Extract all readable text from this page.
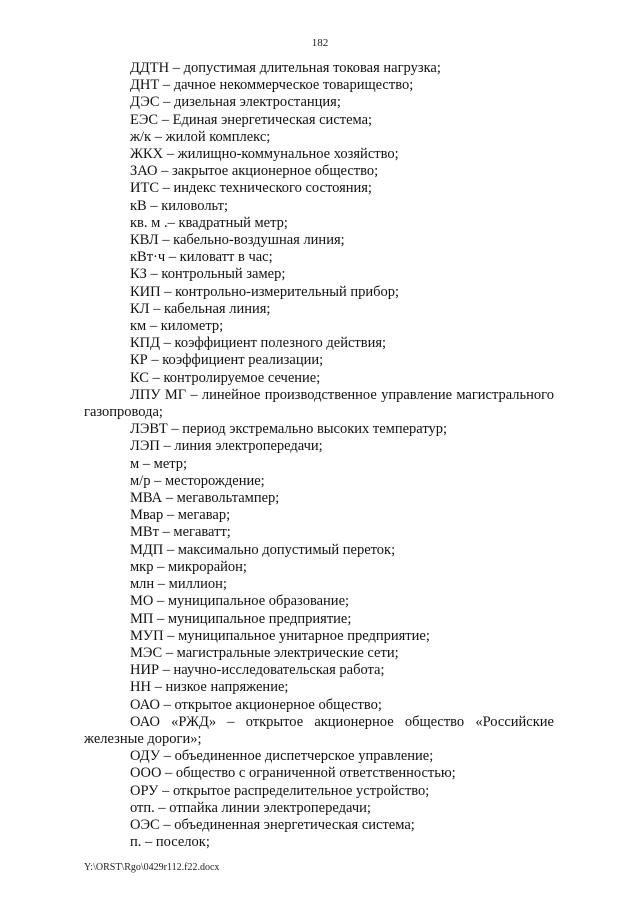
182
ДДТН – допустимая длительная токовая нагрузка;
ДНТ – дачное некоммерческое товарищество;
ДЭС – дизельная электростанция;
ЕЭС – Единая энергетическая система;
ж/к – жилой комплекс;
ЖКХ – жилищно-коммунальное хозяйство;
ЗАО – закрытое акционерное общество;
ИТС – индекс технического состояния;
кВ – киловольт;
кв. м .– квадратный метр;
КВЛ – кабельно-воздушная линия;
кВт·ч – киловатт в час;
КЗ – контрольный замер;
КИП – контрольно-измерительный прибор;
КЛ – кабельная линия;
км – километр;
КПД – коэффициент полезного действия;
КР – коэффициент реализации;
КС – контролируемое сечение;
ЛПУ МГ – линейное производственное управление магистрального газопровода;
ЛЭВТ – период экстремально высоких температур;
ЛЭП – линия электропередачи;
м – метр;
м/р – месторождение;
МВА – мегавольтампер;
Мвар – мегавар;
МВт – мегаватт;
МДП – максимально допустимый переток;
мкр – микрорайон;
млн – миллион;
МО – муниципальное образование;
МП – муниципальное предприятие;
МУП – муниципальное унитарное предприятие;
МЭС – магистральные электрические сети;
НИР – научно-исследовательская работа;
НН – низкое напряжение;
ОАО – открытое акционерное общество;
ОАО «РЖД» – открытое акционерное общество «Российские железные дороги»;
ОДУ – объединенное диспетчерское управление;
ООО – общество с ограниченной ответственностью;
ОРУ – открытое распределительное устройство;
отп. – отпайка линии электропередачи;
ОЭС – объединенная энергетическая система;
п. – поселок;
Y:\ORST\Rgo\0429r112.f22.docx
